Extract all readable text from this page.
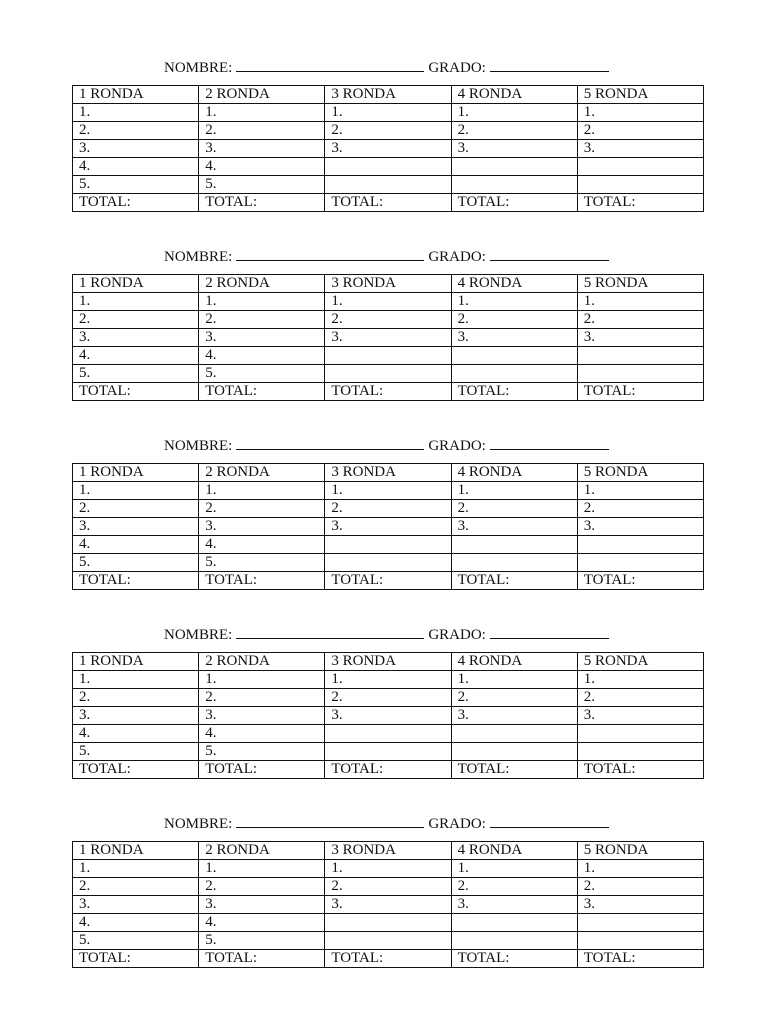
NOMBRE:	GRADO:
1 RONDA	2 RONDA	3 RONDA	4 RONDA	5 RONDA
1.	1.	1.	1.	1.
2.	2.	2.	2.	2.
3.	3.	3.	3.	3.
4.	4.			
5.	5.			
TOTAL:	TOTAL:	TOTAL:	TOTAL:	TOTAL:
NOMBRE:	GRADO:
1 RONDA	2 RONDA	3 RONDA	4 RONDA	5 RONDA
1.	1.	1.	1.	1.
2.	2.	2.	2.	2.
3.	3.	3.	3.	3.
4.	4.			
5.	5.			
TOTAL:	TOTAL:	TOTAL:	TOTAL:	TOTAL:
NOMBRE:	GRADO:
1 RONDA	2 RONDA	3 RONDA	4 RONDA	5 RONDA
1.	1.	1.	1.	1.
2.	2.	2.	2.	2.
3.	3.	3.	3.	3.
4.	4.			
5.	5.			
TOTAL:	TOTAL:	TOTAL:	TOTAL:	TOTAL:
NOMBRE:	GRADO:
1 RONDA	2 RONDA	3 RONDA	4 RONDA	5 RONDA
1.	1.	1.	1.	1.
2.	2.	2.	2.	2.
3.	3.	3.	3.	3.
4.	4.			
5.	5.			
TOTAL:	TOTAL:	TOTAL:	TOTAL:	TOTAL:
NOMBRE:	GRADO:
1 RONDA	2 RONDA	3 RONDA	4 RONDA	5 RONDA
1.	1.	1.	1.	1.
2.	2.	2.	2.	2.
3.	3.	3.	3.	3.
4.	4.			
5.	5.			
TOTAL:	TOTAL:	TOTAL:	TOTAL:	TOTAL:
